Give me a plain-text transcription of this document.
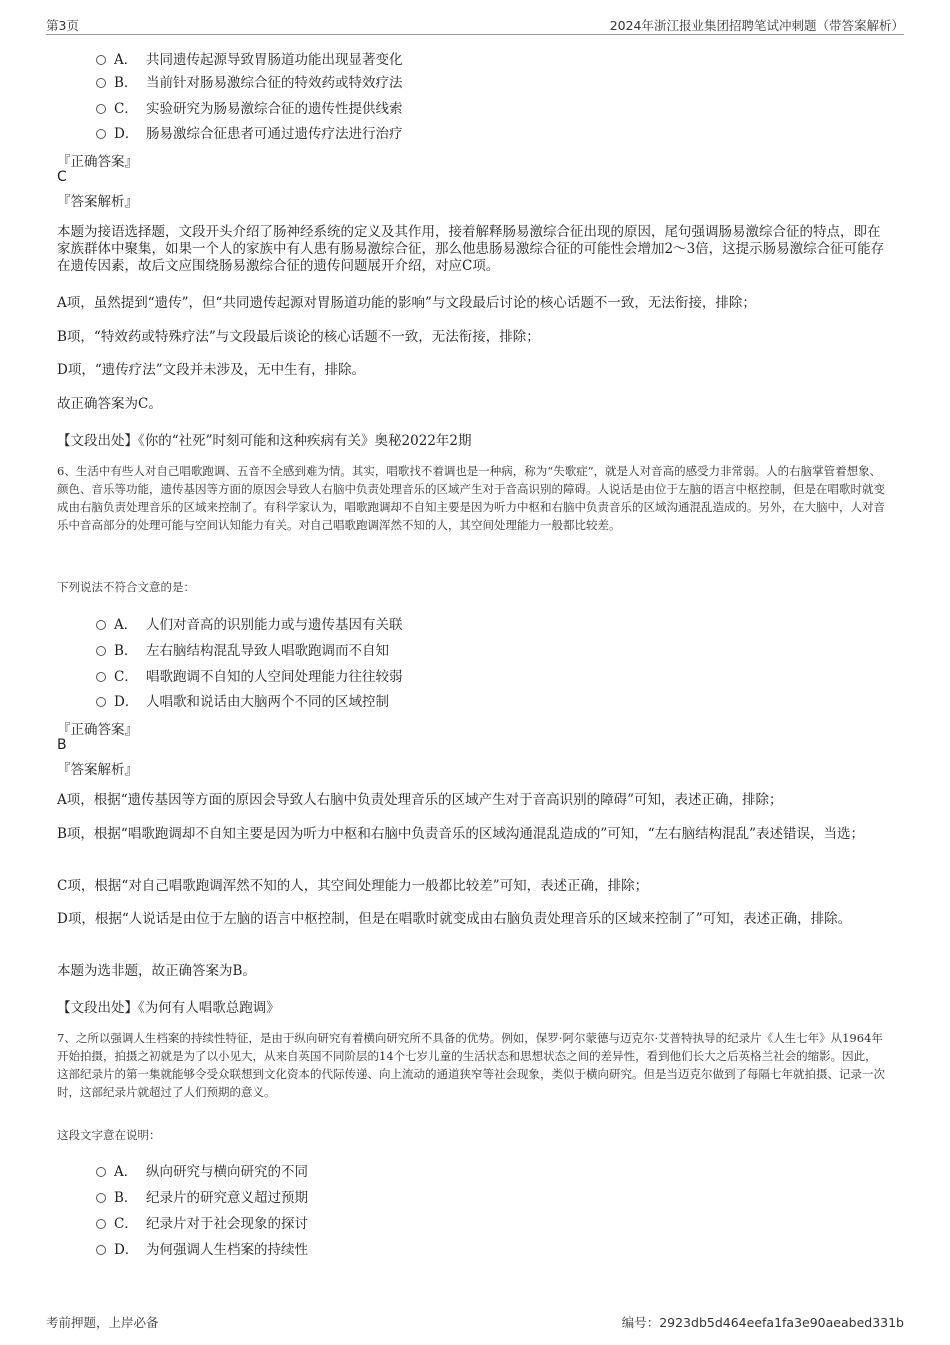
第3页	2024年浙江报业集团招聘笔试冲刺题（带答案解析）
A． 共同遗传起源导致胃肠道功能出现显著变化
B． 当前针对肠易激综合征的特效药或特效疗法
C． 实验研究为肠易激综合征的遗传性提供线索
D． 肠易激综合征患者可通过遗传疗法进行治疗
『正确答案』
C
『答案解析』
本题为接语选择题，文段开头介绍了肠神经系统的定义及其作用，接着解释肠易激综合征出现的原因，尾句强调肠易激综合征的特点，即在家族群体中聚集，如果一个人的家族中有人患有肠易激综合征，那么他患肠易激综合征的可能性会增加2～3倍，这提示肠易激综合征可能存在遗传因素，故后文应围绕肠易激综合征的遗传问题展开介绍，对应C项。
A项，虽然提到“遗传”，但“共同遗传起源对胃肠道功能的影响”与文段最后讨论的核心话题不一致，无法衔接，排除；
B项，“特效药或特殊疗法”与文段最后谈论的核心话题不一致，无法衔接，排除；
D项，“遗传疗法”文段并未涉及，无中生有，排除。
故正确答案为C。
【文段出处】《你的“社死”时刻可能和这种疾病有关》奥秘2022年2期
6、生活中有些人对自己唱歌跑调、五音不全感到难为情。其实，唱歌找不着调也是一种病，称为“失歌症”，就是人对音高的感受力非常弱。人的右脑掌管着想象、颜色、音乐等功能，遗传基因等方面的原因会导致人右脑中负责处理音乐的区域产生对于音高识别的障碍。人说话是由位于左脑的语言中枢控制，但是在唱歌时就变成由右脑负责处理音乐的区域来控制了。有科学家认为，唱歌跑调却不自知主要是因为听力中枢和右脑中负责音乐的区域沟通混乱造成的。另外，在大脑中，人对音乐中音高部分的处理可能与空间认知能力有关。对自己唱歌跑调浑然不知的人，其空间处理能力一般都比较差。
下列说法不符合文意的是：
A． 人们对音高的识别能力或与遗传基因有关联
B． 左右脑结构混乱导致人唱歌跑调而不自知
C． 唱歌跑调不自知的人空间处理能力往往较弱
D． 人唱歌和说话由大脑两个不同的区域控制
『正确答案』
B
『答案解析』
A项，根据“遗传基因等方面的原因会导致人右脑中负责处理音乐的区域产生对于音高识别的障碍”可知，表述正确，排除；
B项，根据“唱歌跑调却不自知主要是因为听力中枢和右脑中负责音乐的区域沟通混乱造成的”可知，“左右脑结构混乱”表述错误，当选；
C项，根据“对自己唱歌跑调浑然不知的人，其空间处理能力一般都比较差”可知，表述正确，排除；
D项，根据“人说话是由位于左脑的语言中枢控制，但是在唱歌时就变成由右脑负责处理音乐的区域来控制了”可知，表述正确，排除。
本题为选非题，故正确答案为B。
【文段出处】《为何有人唱歌总跑调》
7、之所以强调人生档案的持续性特征，是由于纵向研究有着横向研究所不具备的优势。例如，保罗·阿尔蒙德与迈克尔·艾普特执导的纪录片《人生七年》从1964年开始拍摄，拍摄之初就是为了以小见大，从来自英国不同阶层的14个七岁儿童的生活状态和思想状态之间的差异性，看到他们长大之后英格兰社会的缩影。因此，这部纪录片的第一集就能够令受众联想到文化资本的代际传递、向上流动的通道狭窄等社会现象，类似于横向研究。但是当迈克尔做到了每隔七年就拍摄、记录一次时，这部纪录片就超过了人们预期的意义。
这段文字意在说明：
A． 纵向研究与横向研究的不同
B． 纪录片的研究意义超过预期
C． 纪录片对于社会现象的探讨
D． 为何强调人生档案的持续性
考前押题，上岸必备	编号：2923db5d464eefa1fa3e90aeabed331b
